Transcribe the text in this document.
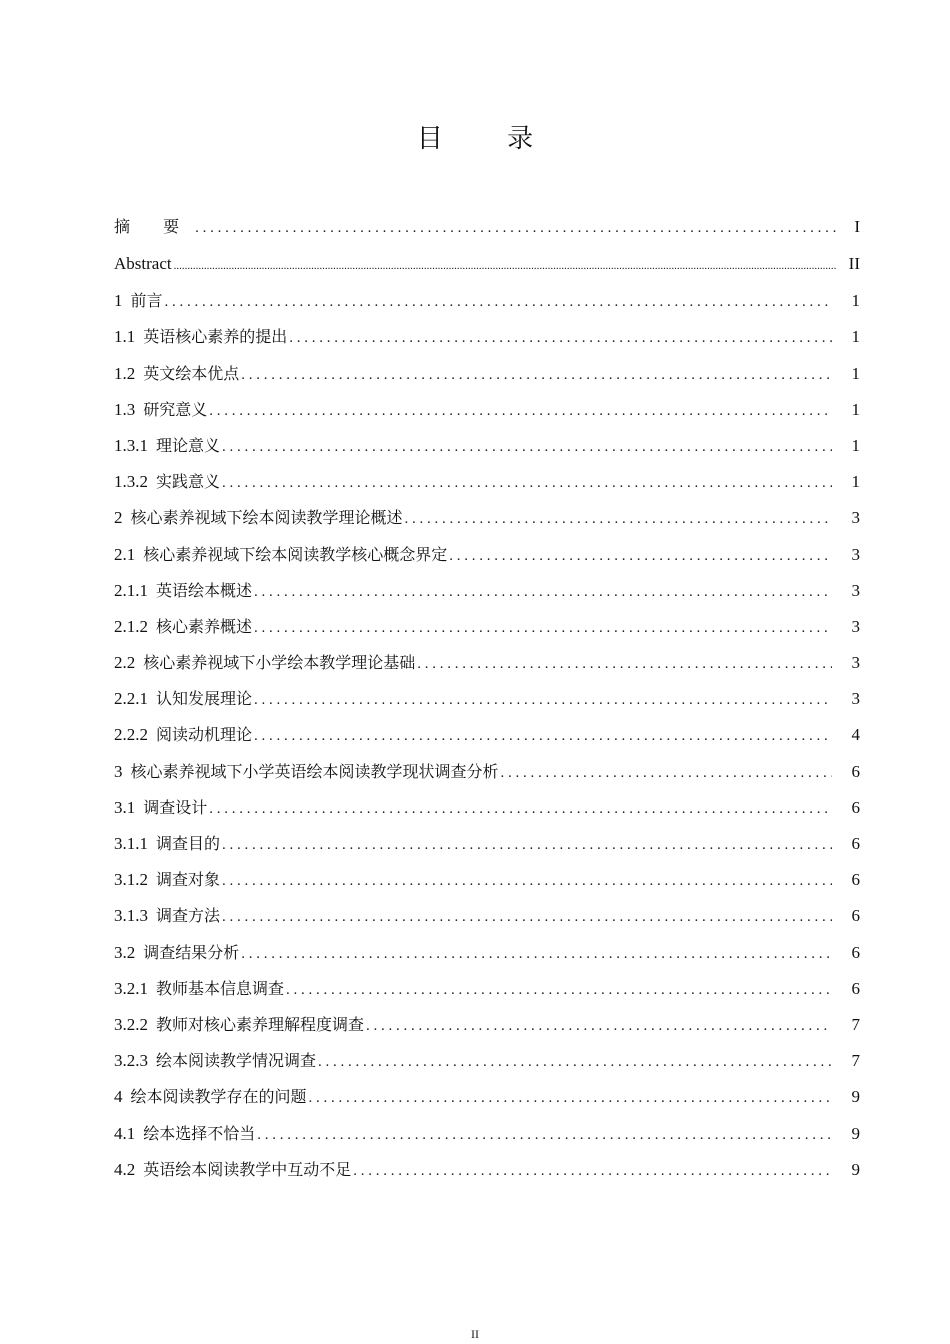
目 录
摘 要 . . .	I
Abstract .....	II
1 前言 . . .	1
1.1 英语核心素养的提出 . . .	1
1.2 英文绘本优点 . . .	1
1.3 研究意义 . . .	1
1.3.1 理论意义 . . .	1
1.3.2 实践意义 . . .	1
2 核心素养视域下绘本阅读教学理论概述 . . .	3
2.1 核心素养视域下绘本阅读教学核心概念界定 . . .	3
2.1.1 英语绘本概述 . . .	3
2.1.2 核心素养概述 . . .	3
2.2 核心素养视域下小学绘本教学理论基础 . . .	3
2.2.1 认知发展理论 . . .	3
2.2.2 阅读动机理论 . . .	4
3 核心素养视域下小学英语绘本阅读教学现状调查分析 . . .	6
3.1 调查设计 . . .	6
3.1.1 调查目的 . . .	6
3.1.2 调查对象 . . .	6
3.1.3 调查方法 . . .	6
3.2 调查结果分析 . . .	6
3.2.1 教师基本信息调查 . . .	6
3.2.2 教师对核心素养理解程度调查 . . .	7
3.2.3 绘本阅读教学情况调查 . . .	7
4 绘本阅读教学存在的问题 . . .	9
4.1 绘本选择不恰当 . . .	9
4.2 英语绘本阅读教学中互动不足 . . .	9
II
